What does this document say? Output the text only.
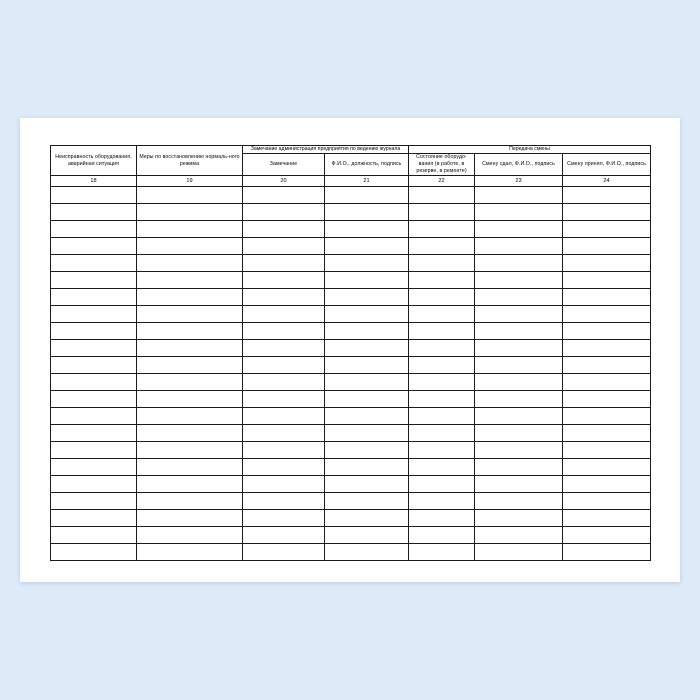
Неисправность оборудования, аварийная ситуация	Меры по восстановлению нормаль-ного режима	Замечание администрация предприятия по ведению журнала		Передача смены		
		Замечание	Ф.И.О., должность, подпись	Состояние оборудо-вания (в работе, в резерве, в ремонте)	Смену сдал, Ф.И.О., подпись	Смену принял, Ф.И.О., подпись
18	19	20	21	22	23	24
